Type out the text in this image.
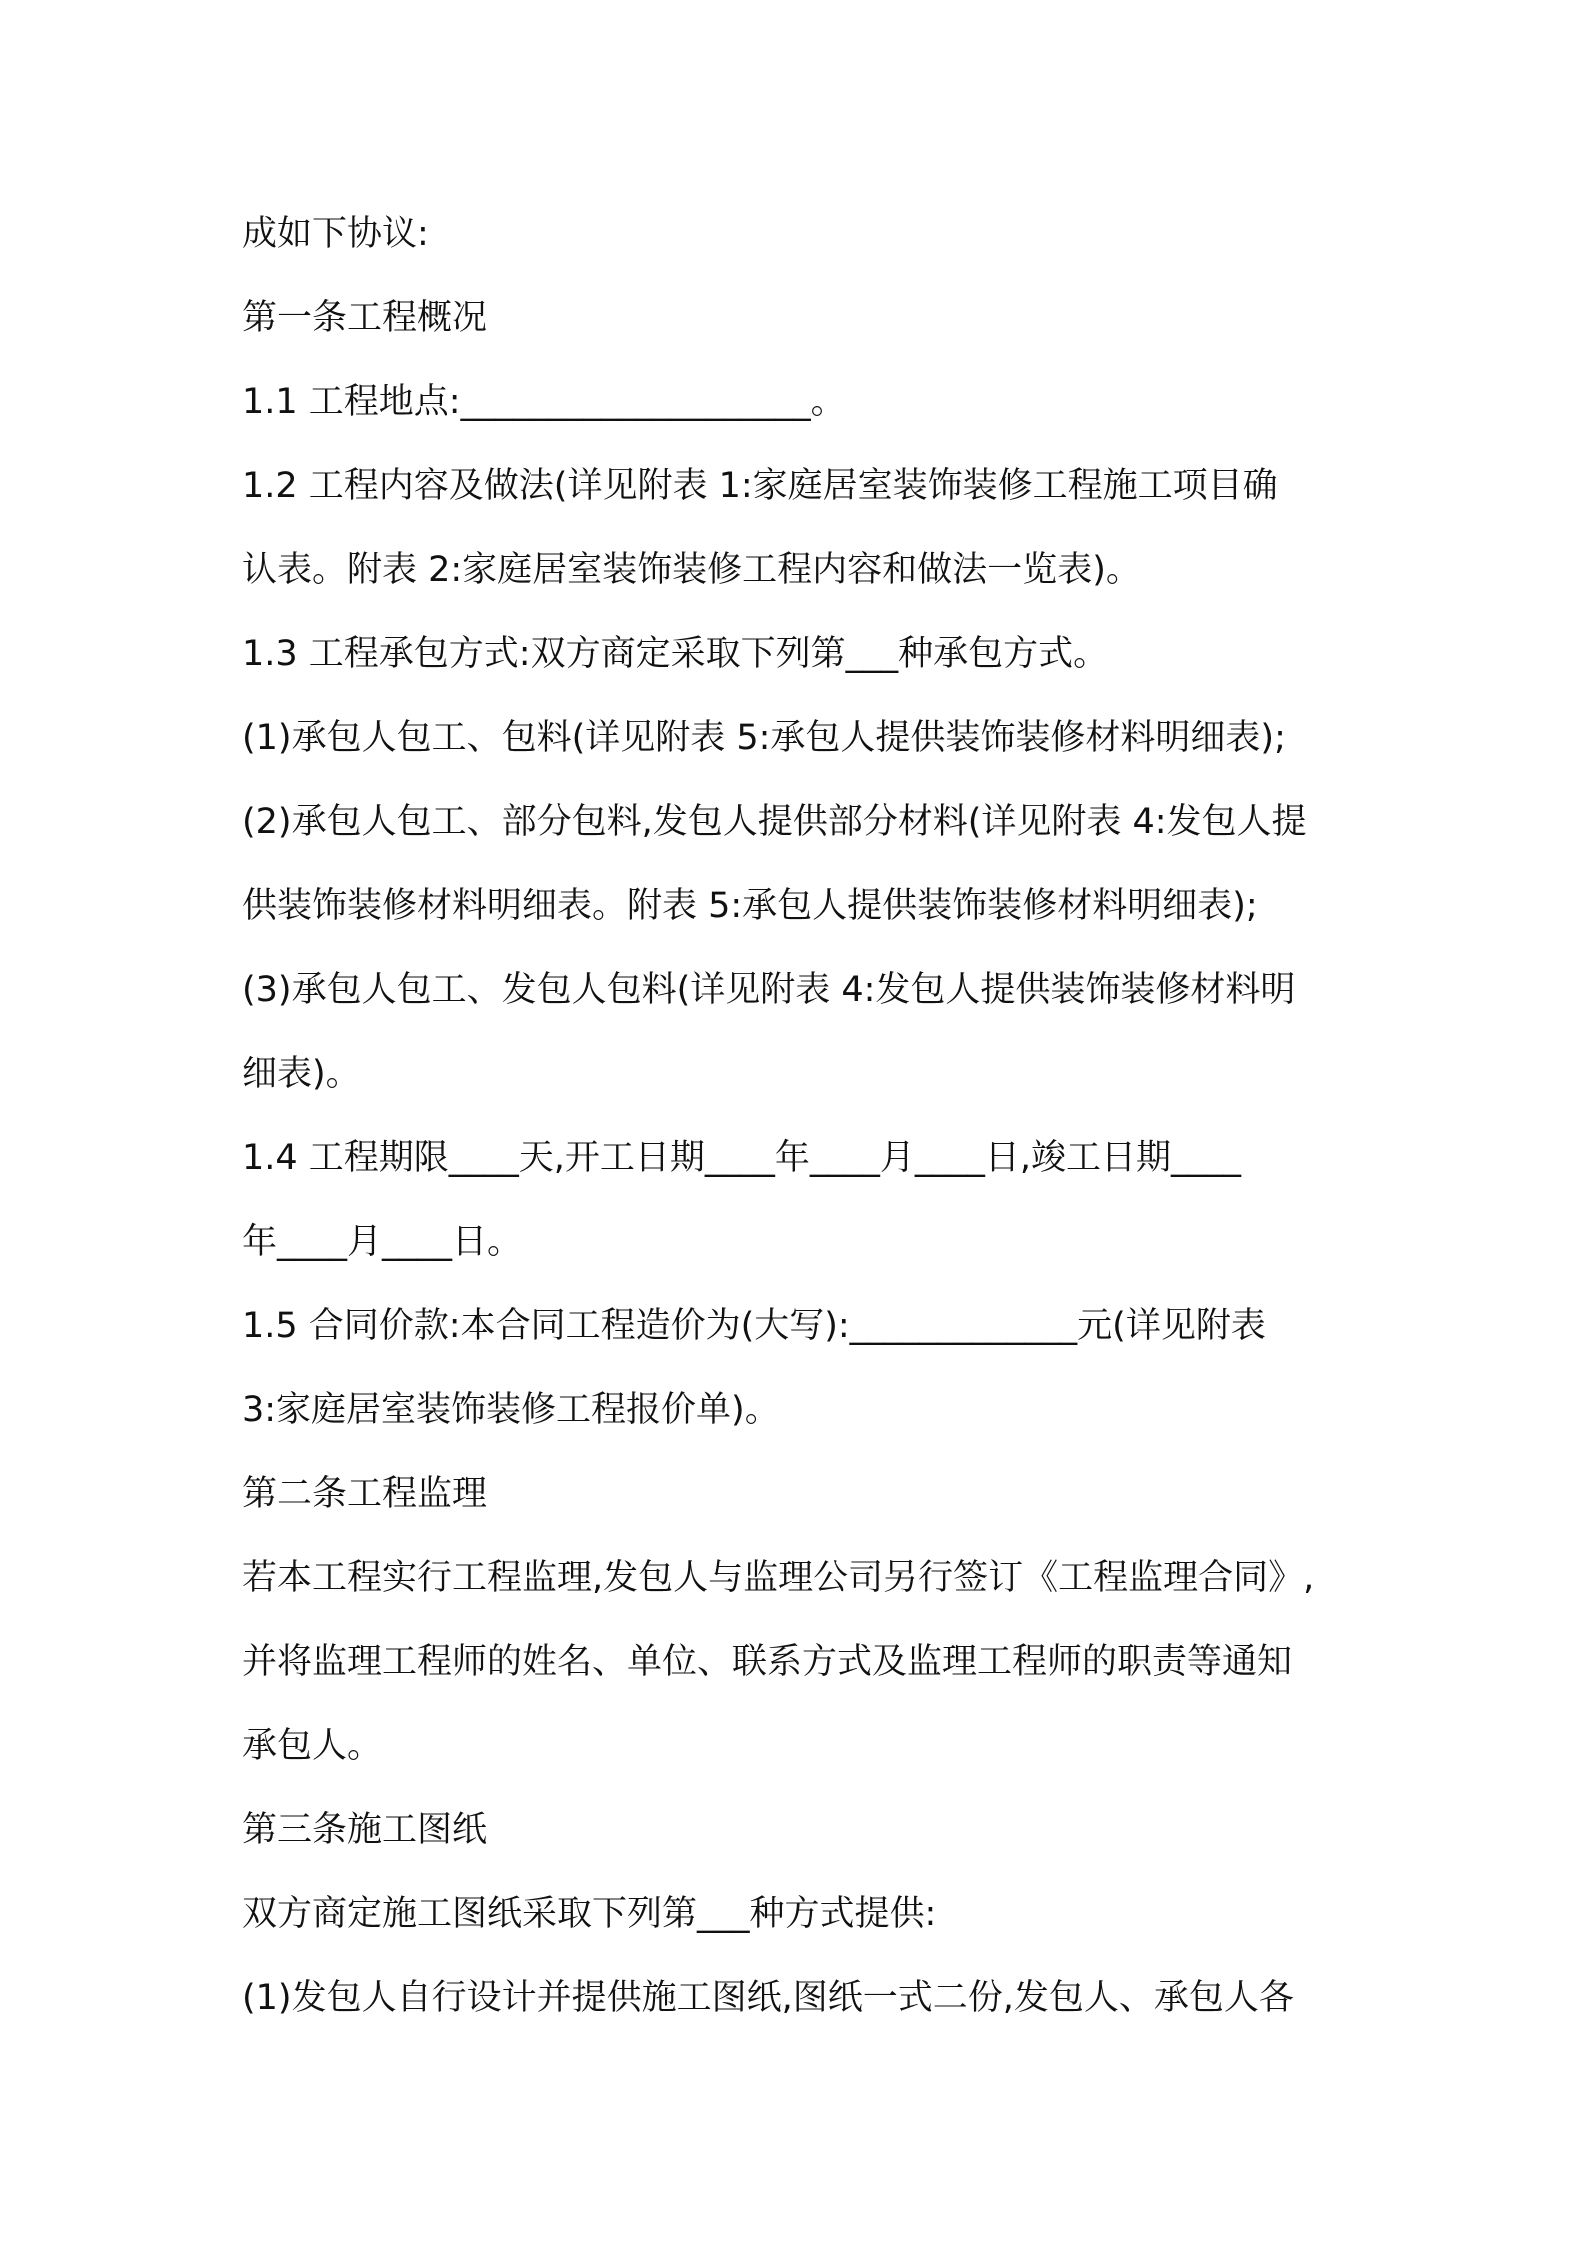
成如下协议:
第一条工程概况
1.1 工程地点:____________________。
1.2 工程内容及做法(详见附表 1:家庭居室装饰装修工程施工项目确
认表。附表 2:家庭居室装饰装修工程内容和做法一览表)。
1.3 工程承包方式:双方商定采取下列第___种承包方式。
(1)承包人包工、包料(详见附表 5:承包人提供装饰装修材料明细表);
(2)承包人包工、部分包料,发包人提供部分材料(详见附表 4:发包人提
供装饰装修材料明细表。附表 5:承包人提供装饰装修材料明细表);
(3)承包人包工、发包人包料(详见附表 4:发包人提供装饰装修材料明
细表)。
1.4 工程期限____天,开工日期____年____月____日,竣工日期____
年____月____日。
1.5 合同价款:本合同工程造价为(大写):_____________元(详见附表
3:家庭居室装饰装修工程报价单)。
第二条工程监理
若本工程实行工程监理,发包人与监理公司另行签订《工程监理合同》,
并将监理工程师的姓名、单位、联系方式及监理工程师的职责等通知
承包人。
第三条施工图纸
双方商定施工图纸采取下列第___种方式提供:
(1)发包人自行设计并提供施工图纸,图纸一式二份,发包人、承包人各
